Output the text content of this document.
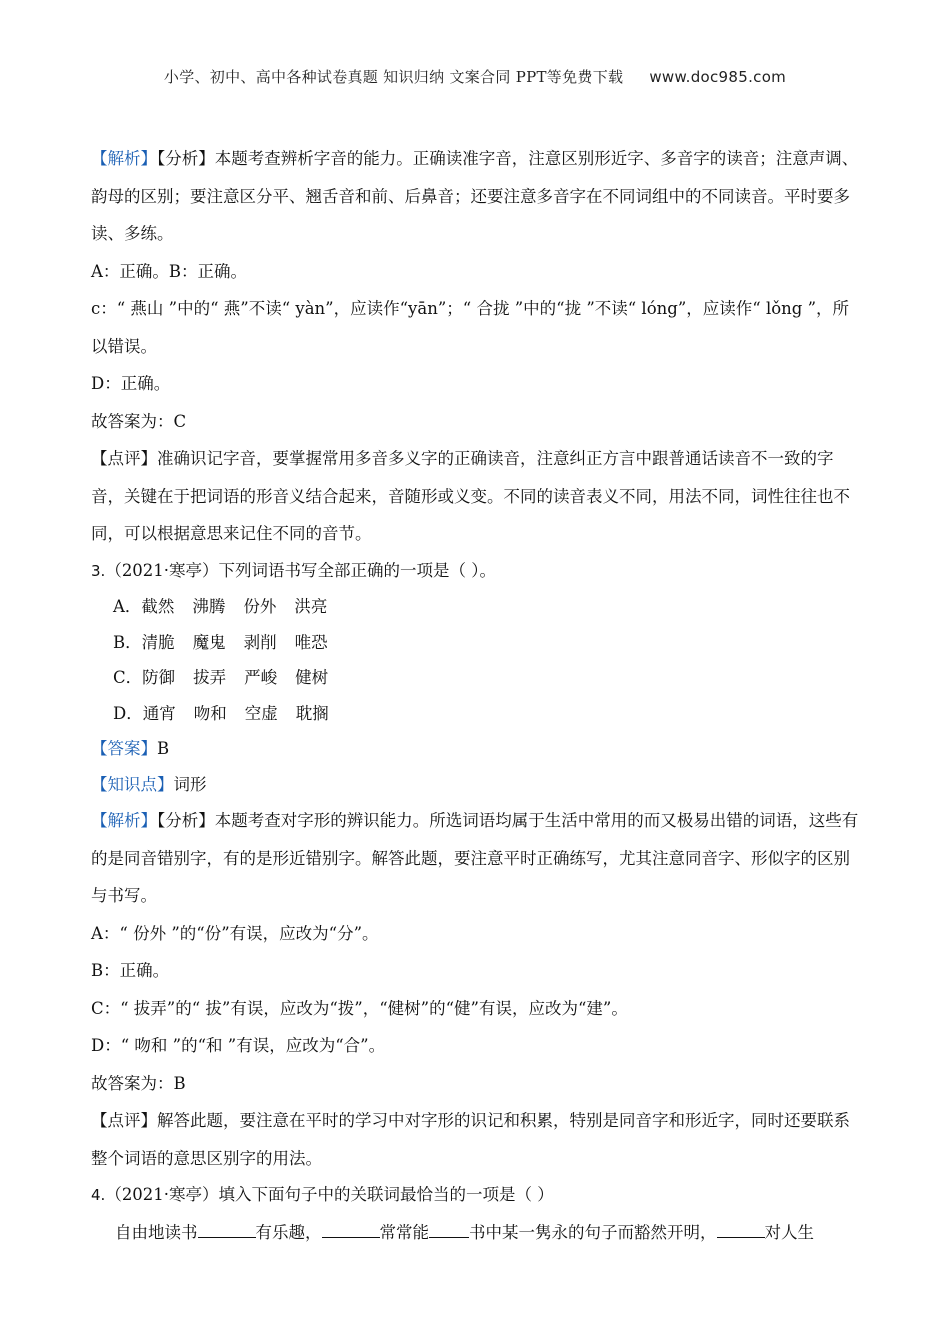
小学、初中、高中各种试卷真题 知识归纳 文案合同 PPT等免费下载 www.doc985.com

【解析】【分析】本题考查辨析字音的能力。正确读准字音，注意区别形近字、多音字的读音；注意声调、韵母的区别；要注意区分平、翘舌音和前、后鼻音；还要注意多音字在不同词组中的不同读音。平时要多读、多练。

A：正确。B：正确。

c：“ 燕山 ”中的“ 燕”不读“ yàn”，应读作“yān”；“ 合拢 ”中的“拢 ”不读“ lóng”，应读作“ lǒng ”，所以错误。

D：正确。

故答案为：C

【点评】准确识记字音，要掌握常用多音多义字的正确读音，注意纠正方言中跟普通话读音不一致的字音，关键在于把词语的形音义结合起来，音随形或义变。不同的读音表义不同，用法不同，词性往往也不同，可以根据意思来记住不同的音节。

3.（2021·寒亭）下列词语书写全部正确的一项是（ ）。

A．截然 沸腾 份外 洪亮

B．清脆 魔鬼 剥削 唯恐

C．防御 拔弄 严峻 健树

D．通宵 吻和 空虚 耽搁

【答案】B

【知识点】词形

【解析】【分析】本题考查对字形的辨识能力。所选词语均属于生活中常用的而又极易出错的词语，这些有的是同音错别字，有的是形近错别字。解答此题，要注意平时正确练写，尤其注意同音字、形似字的区别与书写。

A：“ 份外 ”的“份”有误，应改为“分”。

B：正确。

C：“ 拔弄”的“ 拔”有误，应改为“拨”，“健树”的“健”有误，应改为“建”。

D：“ 吻和 ”的“和 ”有误，应改为“合”。

故答案为：B

【点评】解答此题，要注意在平时的学习中对字形的识记和积累，特别是同音字和形近字，同时还要联系整个词语的意思区别字的用法。

4.（2021·寒亭）填入下面句子中的关联词最恰当的一项是（ ）

自由地读书	有乐趣，	常常能 书中某一隽永的句子而豁然开明，	对人生
